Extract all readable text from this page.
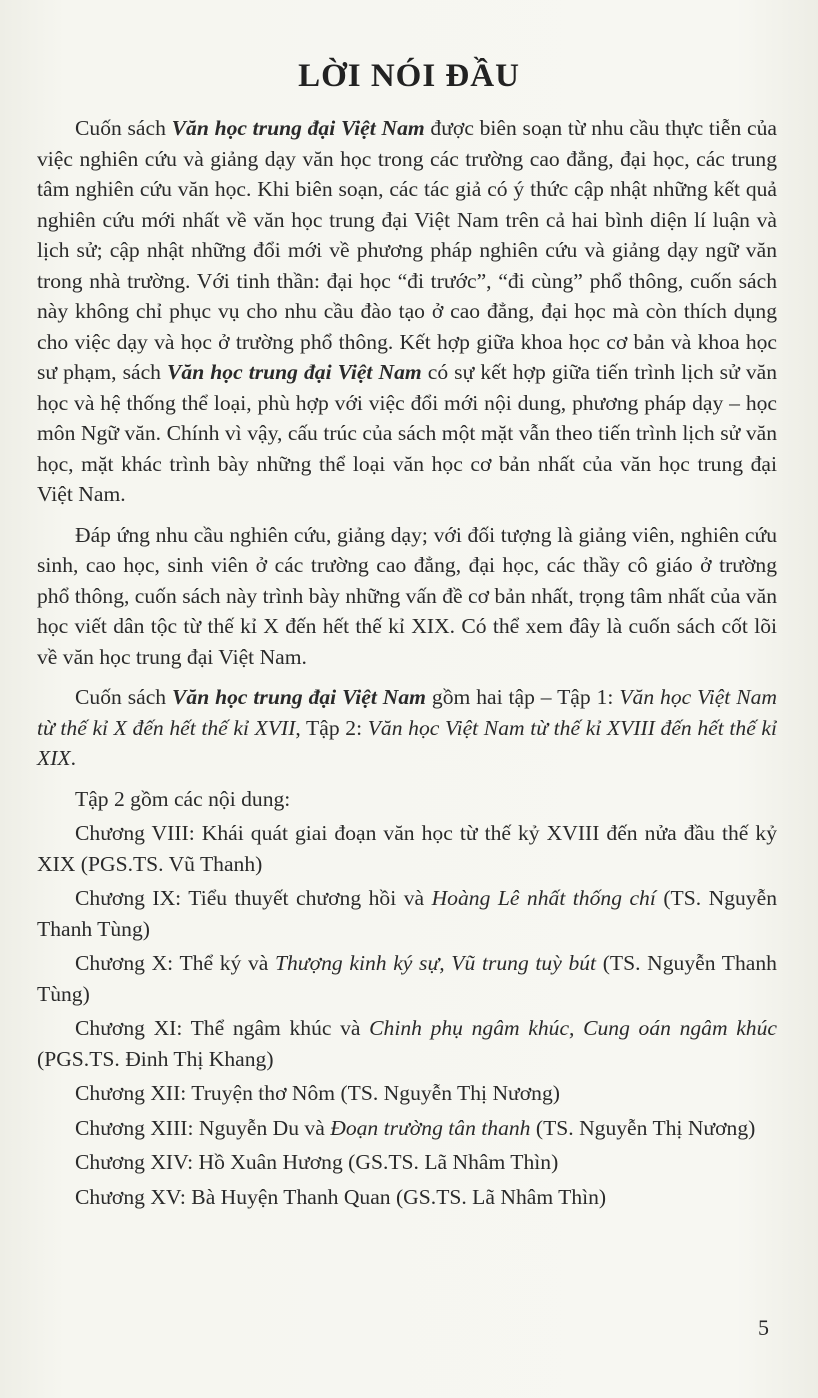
LỜI NÓI ĐẦU

Cuốn sách Văn học trung đại Việt Nam được biên soạn từ nhu cầu thực tiễn của việc nghiên cứu và giảng dạy văn học trong các trường cao đẳng, đại học, các trung tâm nghiên cứu văn học. Khi biên soạn, các tác giả có ý thức cập nhật những kết quả nghiên cứu mới nhất về văn học trung đại Việt Nam trên cả hai bình diện lí luận và lịch sử; cập nhật những đổi mới về phương pháp nghiên cứu và giảng dạy ngữ văn trong nhà trường. Với tinh thần: đại học “đi trước”, “đi cùng” phổ thông, cuốn sách này không chỉ phục vụ cho nhu cầu đào tạo ở cao đẳng, đại học mà còn thích dụng cho việc dạy và học ở trường phổ thông. Kết hợp giữa khoa học cơ bản và khoa học sư phạm, sách Văn học trung đại Việt Nam có sự kết hợp giữa tiến trình lịch sử văn học và hệ thống thể loại, phù hợp với việc đổi mới nội dung, phương pháp dạy – học môn Ngữ văn. Chính vì vậy, cấu trúc của sách một mặt vẫn theo tiến trình lịch sử văn học, mặt khác trình bày những thể loại văn học cơ bản nhất của văn học trung đại Việt Nam.

Đáp ứng nhu cầu nghiên cứu, giảng dạy; với đối tượng là giảng viên, nghiên cứu sinh, cao học, sinh viên ở các trường cao đẳng, đại học, các thầy cô giáo ở trường phổ thông, cuốn sách này trình bày những vấn đề cơ bản nhất, trọng tâm nhất của văn học viết dân tộc từ thế kỉ X đến hết thế kỉ XIX. Có thể xem đây là cuốn sách cốt lõi về văn học trung đại Việt Nam.

Cuốn sách Văn học trung đại Việt Nam gồm hai tập – Tập 1: Văn học Việt Nam từ thế kỉ X đến hết thế kỉ XVII, Tập 2: Văn học Việt Nam từ thế kỉ XVIII đến hết thế kỉ XIX.

Tập 2 gồm các nội dung:

Chương VIII: Khái quát giai đoạn văn học từ thế kỷ XVIII đến nửa đầu thế kỷ XIX (PGS.TS. Vũ Thanh)

Chương IX: Tiểu thuyết chương hồi và Hoàng Lê nhất thống chí (TS. Nguyễn Thanh Tùng)

Chương X: Thể ký và Thượng kinh ký sự, Vũ trung tuỳ bút (TS. Nguyễn Thanh Tùng)

Chương XI: Thể ngâm khúc và Chinh phụ ngâm khúc, Cung oán ngâm khúc (PGS.TS. Đinh Thị Khang)

Chương XII: Truyện thơ Nôm (TS. Nguyễn Thị Nương)

Chương XIII: Nguyễn Du và Đoạn trường tân thanh (TS. Nguyễn Thị Nương)

Chương XIV: Hồ Xuân Hương (GS.TS. Lã Nhâm Thìn)

Chương XV: Bà Huyện Thanh Quan (GS.TS. Lã Nhâm Thìn)

5
